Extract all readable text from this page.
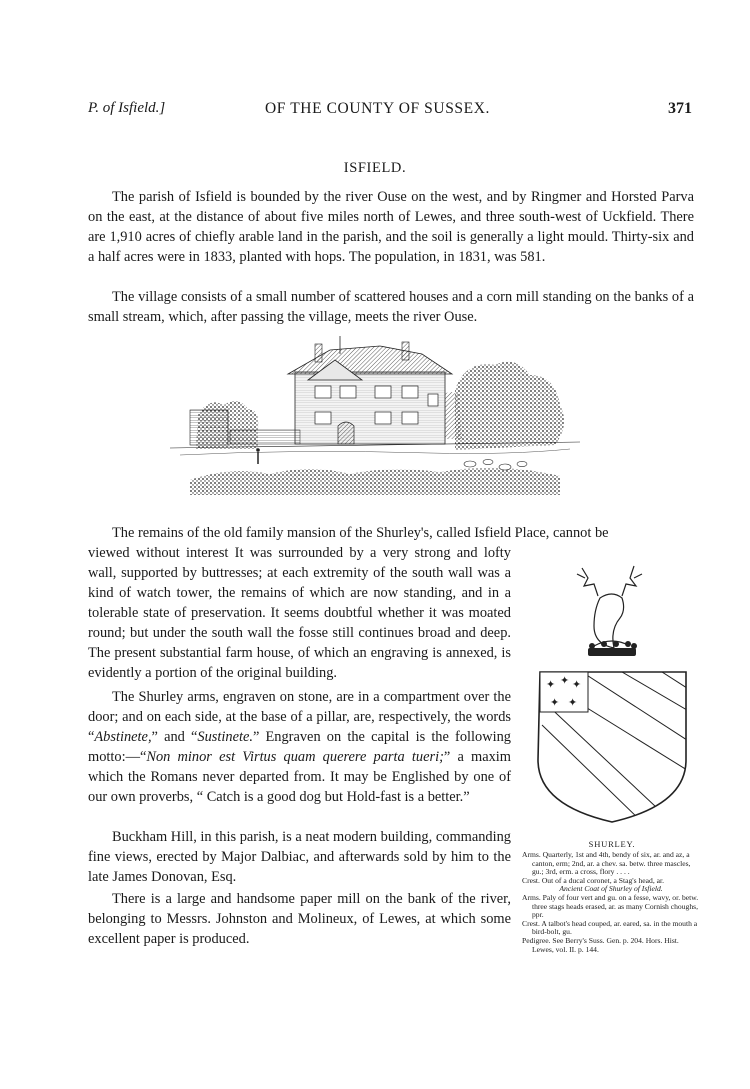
P. of Isfield.]	OF THE COUNTY OF SUSSEX.	371
ISFIELD.

The parish of Isfield is bounded by the river Ouse on the west, and by Ringmer and Horsted Parva on the east, at the distance of about five miles north of Lewes, and three south-west of Uckfield. There are 1,910 acres of chiefly arable land in the parish, and the soil is generally a light mould. Thirty-six and a half acres were in 1833, planted with hops. The population, in 1831, was 581.

The village consists of a small number of scattered houses and a corn mill standing on the banks of a small stream, which, after passing the village, meets the river Ouse.

The remains of the old family mansion of the Shurley's, called Isfield Place, cannot be

viewed without interest It was surrounded by a very strong and lofty wall, supported by buttresses; at each extremity of the south wall was a kind of watch tower, the remains of which are now standing, and in a tolerable state of preservation. It seems doubtful whether it was moated round; but under the south wall the fosse still continues broad and deep. The present substantial farm house, of which an engraving is annexed, is evidently a portion of the original building.

The Shurley arms, engraven on stone, are in a compartment over the door; and on each side, at the base of a pillar, are, respectively, the words “Abstinete,” and “Sustinete.” Engraven on the capital is the following motto:—“Non minor est Virtus quam querere parta tueri;” a maxim which the Romans never departed from. It may be Englished by one of our own proverbs, “ Catch is a good dog but Hold-fast is a better.”

Buckham Hill, in this parish, is a neat modern building, commanding fine views, erected by Major Dalbiac, and afterwards sold by him to the late James Donovan, Esq.

There is a large and handsome paper mill on the bank of the river, belonging to Messrs. Johnston and Molineux, of Lewes, at which some excellent paper is produced.

✦ ✦ ✦
✦ ✦
SHURLEY.
Arms. Quarterly, 1st and 4th, bendy of six, ar. and az, a canton, erm; 2nd, ar. a chev. sa. betw. three mascles, gu.; 3rd, erm. a cross, flory . . . .
Crest. Out of a ducal coronet, a Stag's head, ar.
Ancient Coat of Shurley of Isfield.
Arms. Paly of four vert and gu. on a fesse, wavy, or. betw. three stags heads erased, ar. as many Cornish choughs, ppr.
Crest. A talbot's head couped, ar. eared, sa. in the mouth a bird-bolt, gu.
Pedigree. See Berry's Suss. Gen. p. 204. Hors. Hist. Lewes, vol. II. p. 144.
